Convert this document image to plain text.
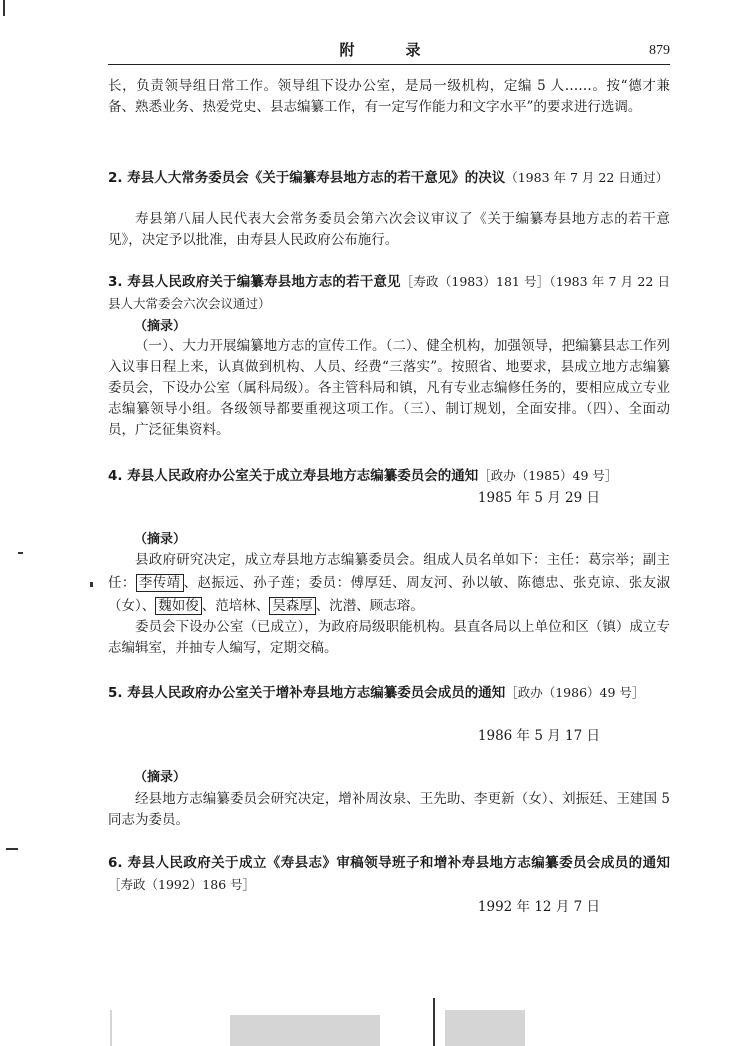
附　录	879

长，负责领导组日常工作。领导组下设办公室，是局一级机构，定编 5 人……。按“德才兼备、熟悉业务、热爱党史、县志编纂工作，有一定写作能力和文字水平”的要求进行选调。

2. 寿县人大常务委员会《关于编纂寿县地方志的若干意见》的决议（1983 年 7 月 22 日通过）

寿县第八届人民代表大会常务委员会第六次会议审议了《关于编纂寿县地方志的若干意见》，决定予以批准，由寿县人民政府公布施行。

3. 寿县人民政府关于编纂寿县地方志的若干意见［寿政（1983）181 号］（1983 年 7 月 22 日县人大常委会六次会议通过）

（摘录）

（一）、大力开展编纂地方志的宣传工作。（二）、健全机构，加强领导，把编纂县志工作列入议事日程上来，认真做到机构、人员、经费“三落实”。按照省、地要求，县成立地方志编纂委员会，下设办公室（属科局级）。各主管科局和镇，凡有专业志编修任务的，要相应成立专业志编纂领导小组。各级领导都要重视这项工作。（三）、制订规划，全面安排。（四）、全面动员，广泛征集资料。

4. 寿县人民政府办公室关于成立寿县地方志编纂委员会的通知［政办（1985）49 号］

1985 年 5 月 29 日
（摘录）

县政府研究决定，成立寿县地方志编纂委员会。组成人员名单如下：主任：葛宗举；副主任： 李传靖 、赵振远、孙子莲；委员：傅厚廷、周友河、孙以敏、陈德忠、张克谅、张友淑（女）、 魏如俊 、范培林、 吴森厚 、沈潜、顾志瑢。

委员会下设办公室（已成立），为政府局级职能机构。县直各局以上单位和区（镇）成立专志编辑室，并抽专人编写，定期交稿。

5. 寿县人民政府办公室关于增补寿县地方志编纂委员会成员的通知［政办（1986）49 号］

1986 年 5 月 17 日
（摘录）

经县地方志编纂委员会研究决定，增补周汝泉、王先助、李更新（女）、刘振廷、王建国 5 同志为委员。

6. 寿县人民政府关于成立《寿县志》审稿领导班子和增补寿县地方志编纂委员会成员的通知［寿政（1992）186 号］

1992 年 12 月 7 日
